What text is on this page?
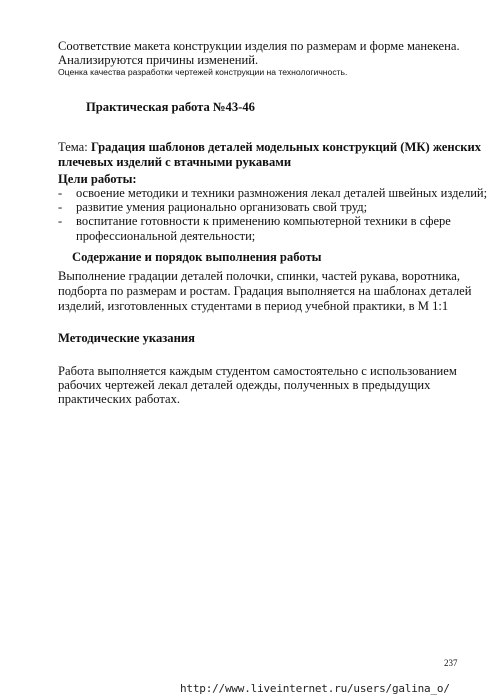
Соответствие макета конструкции изделия по размерам и форме манекена.
Анализируются причины изменений.
Оценка качества разработки чертежей конструкции на технологичность.
Практическая работа №43-46
Тема: Градация шаблонов деталей модельных конструкций (МК) женских
плечевых изделий с втачными рукавами
Цели работы:
- освоение методики и техники размножения лекал деталей швейных изделий;
- развитие умения рационально организовать свой труд;
- воспитание готовности к применению компьютерной техники в сфере
профессиональной деятельности;
Содержание и порядок выполнения работы
Выполнение градации деталей полочки, спинки, частей рукава, воротника,
подборта по размерам и ростам. Градация выполняется на шаблонах деталей
изделий, изготовленных студентами в период учебной практики, в М 1:1
Методические указания
Работа выполняется каждым студентом самостоятельно с использованием
рабочих чертежей лекал деталей одежды, полученных в предыдущих
практических работах.
237
http://www.liveinternet.ru/users/galina_o/
